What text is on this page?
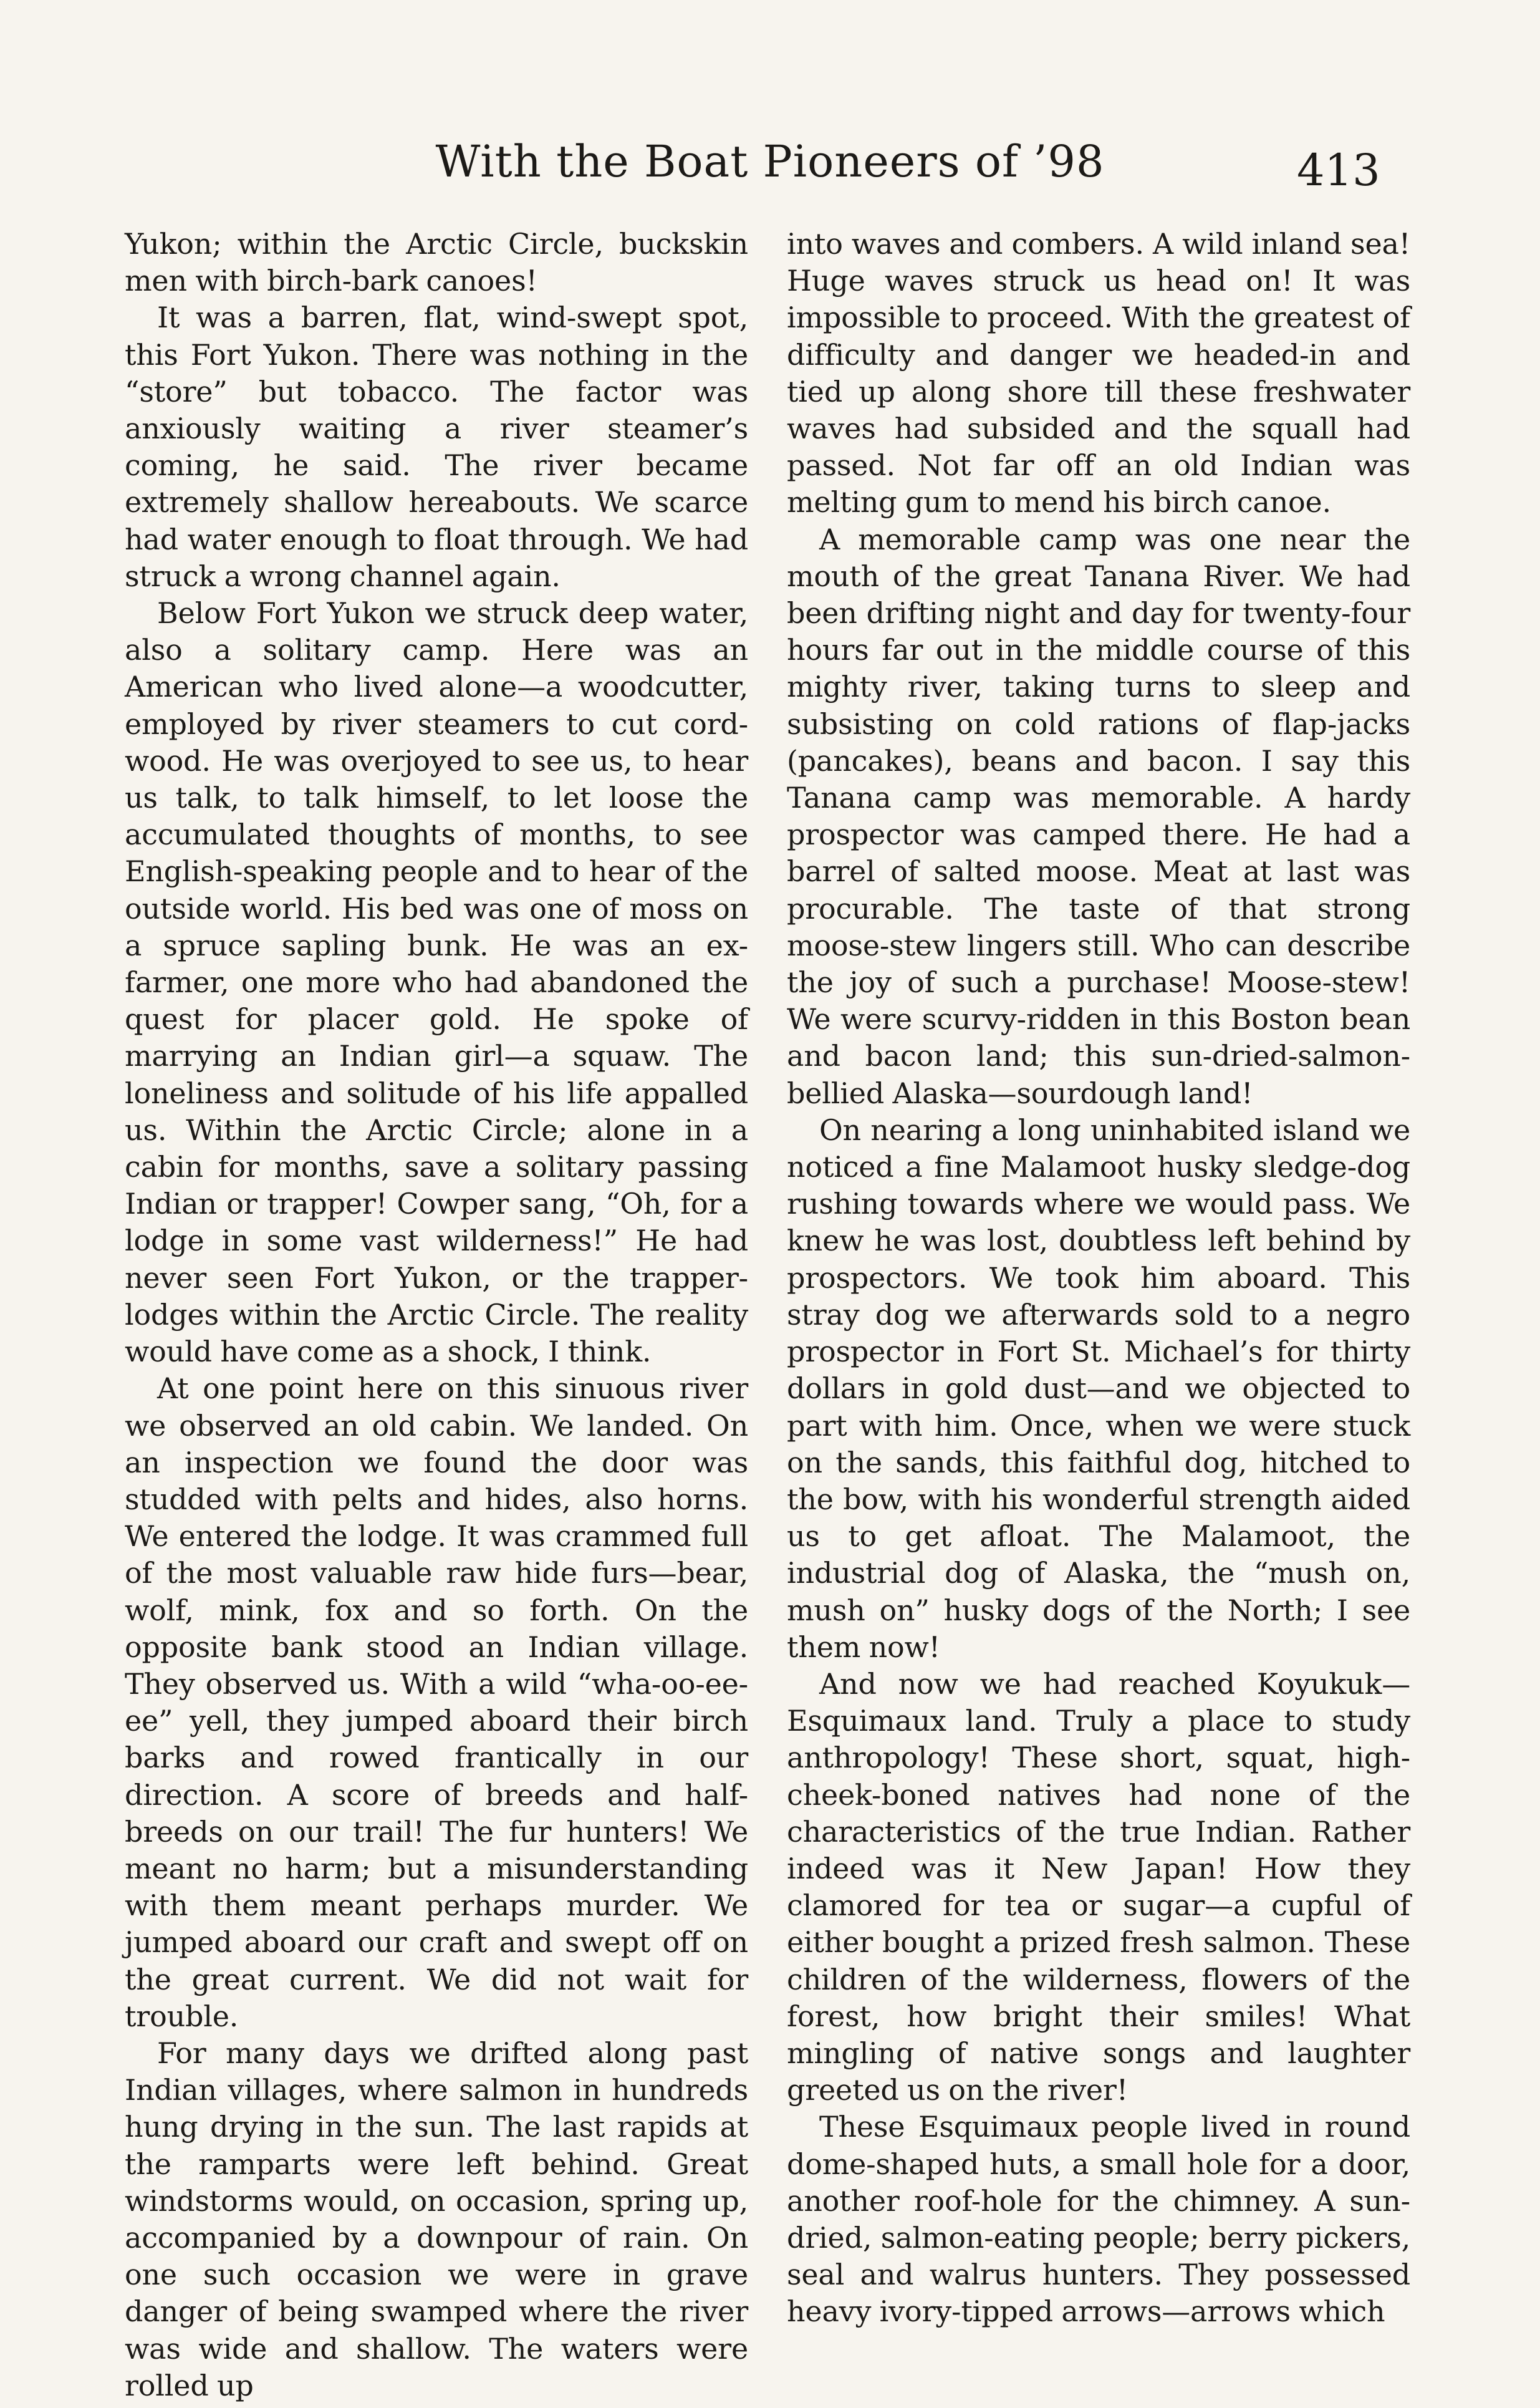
With the Boat Pioneers of ’98	413

Yukon; within the Arctic Circle, buckskin men with birch-bark canoes!

It was a barren, flat, wind-swept spot, this Fort Yukon. There was nothing in the “store” but tobacco. The factor was anxiously waiting a river steamer’s coming, he said. The river became extremely shallow hereabouts. We scarce had water enough to float through. We had struck a wrong channel again.

Below Fort Yukon we struck deep water, also a solitary camp. Here was an American who lived alone—a woodcutter, employed by river steamers to cut cord-wood. He was overjoyed to see us, to hear us talk, to talk himself, to let loose the accumulated thoughts of months, to see English-speaking people and to hear of the outside world. His bed was one of moss on a spruce sapling bunk. He was an ex-farmer, one more who had abandoned the quest for placer gold. He spoke of marrying an Indian girl—a squaw. The loneliness and solitude of his life appalled us. Within the Arctic Circle; alone in a cabin for months, save a solitary passing Indian or trapper! Cowper sang, “Oh, for a lodge in some vast wilderness!” He had never seen Fort Yukon, or the trapper-lodges within the Arctic Circle. The reality would have come as a shock, I think.

At one point here on this sinuous river we observed an old cabin. We landed. On an inspection we found the door was studded with pelts and hides, also horns. We entered the lodge. It was crammed full of the most valuable raw hide furs—bear, wolf, mink, fox and so forth. On the opposite bank stood an Indian village. They observed us. With a wild “wha-oo-ee-ee” yell, they jumped aboard their birch barks and rowed frantically in our direction. A score of breeds and half-breeds on our trail! The fur hunters! We meant no harm; but a misunderstanding with them meant perhaps murder. We jumped aboard our craft and swept off on the great current. We did not wait for trouble.

For many days we drifted along past Indian villages, where salmon in hundreds hung drying in the sun. The last rapids at the ramparts were left behind. Great windstorms would, on occasion, spring up, accompanied by a downpour of rain. On one such occasion we were in grave danger of being swamped where the river was wide and shallow. The waters were rolled up

into waves and combers. A wild inland sea! Huge waves struck us head on! It was impossible to proceed. With the greatest of difficulty and danger we headed-in and tied up along shore till these freshwater waves had subsided and the squall had passed. Not far off an old Indian was melting gum to mend his birch canoe.

A memorable camp was one near the mouth of the great Tanana River. We had been drifting night and day for twenty-four hours far out in the middle course of this mighty river, taking turns to sleep and subsisting on cold rations of flap-jacks (pancakes), beans and bacon. I say this Tanana camp was memorable. A hardy prospector was camped there. He had a barrel of salted moose. Meat at last was procurable. The taste of that strong moose-stew lingers still. Who can describe the joy of such a purchase! Moose-stew! We were scurvy-ridden in this Boston bean and bacon land; this sun-dried-salmon-bellied Alaska—sourdough land!

On nearing a long uninhabited island we noticed a fine Malamoot husky sledge-dog rushing towards where we would pass. We knew he was lost, doubtless left behind by prospectors. We took him aboard. This stray dog we afterwards sold to a negro prospector in Fort St. Michael’s for thirty dollars in gold dust—and we objected to part with him. Once, when we were stuck on the sands, this faithful dog, hitched to the bow, with his wonderful strength aided us to get afloat. The Malamoot, the industrial dog of Alaska, the “mush on, mush on” husky dogs of the North; I see them now!

And now we had reached Koyukuk—Esquimaux land. Truly a place to study anthropology! These short, squat, high-cheek-boned natives had none of the characteristics of the true Indian. Rather indeed was it New Japan! How they clamored for tea or sugar—a cupful of either bought a prized fresh salmon. These children of the wilderness, flowers of the forest, how bright their smiles! What mingling of native songs and laughter greeted us on the river!

These Esquimaux people lived in round dome-shaped huts, a small hole for a door, another roof-hole for the chimney. A sun-dried, salmon-eating people; berry pickers, seal and walrus hunters. They possessed heavy ivory-tipped arrows—arrows which
